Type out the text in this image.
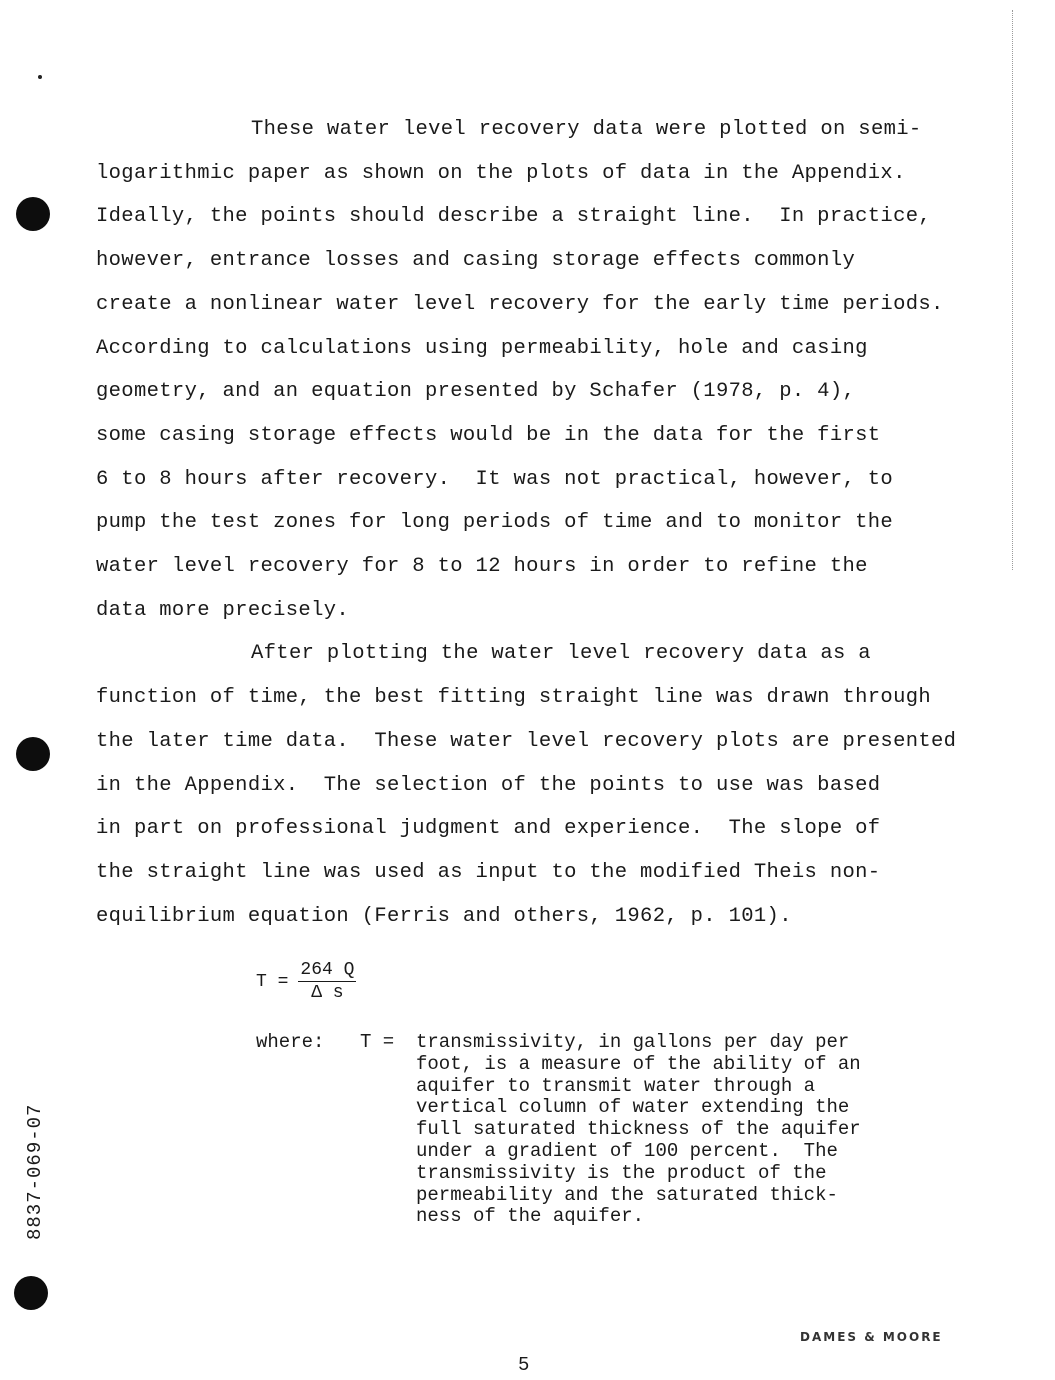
These water level recovery data were plotted on semi-
logarithmic paper as shown on the plots of data in the Appendix.
Ideally, the points should describe a straight line.  In practice,
however, entrance losses and casing storage effects commonly
create a nonlinear water level recovery for the early time periods.
According to calculations using permeability, hole and casing
geometry, and an equation presented by Schafer (1978, p. 4),
some casing storage effects would be in the data for the first
6 to 8 hours after recovery.  It was not practical, however, to
pump the test zones for long periods of time and to monitor the
water level recovery for 8 to 12 hours in order to refine the
data more precisely.
After plotting the water level recovery data as a
function of time, the best fitting straight line was drawn through
the later time data.  These water level recovery plots are presented
in the Appendix.  The selection of the points to use was based
in part on professional judgment and experience.  The slope of
the straight line was used as input to the modified Theis non-
equilibrium equation (Ferris and others, 1962, p. 101).
$T = \frac{264 Q}{\text{Δ s}}$
where:	T =	transmissivity, in gallons per day per
foot, is a measure of the ability of an
aquifer to transmit water through a
vertical column of water extending the
full saturated thickness of the aquifer
under a gradient of 100 percent.  The
transmissivity is the product of the
permeability and the saturated thick-
ness of the aquifer.
8837-069-07
DAMES & MOORE
5
